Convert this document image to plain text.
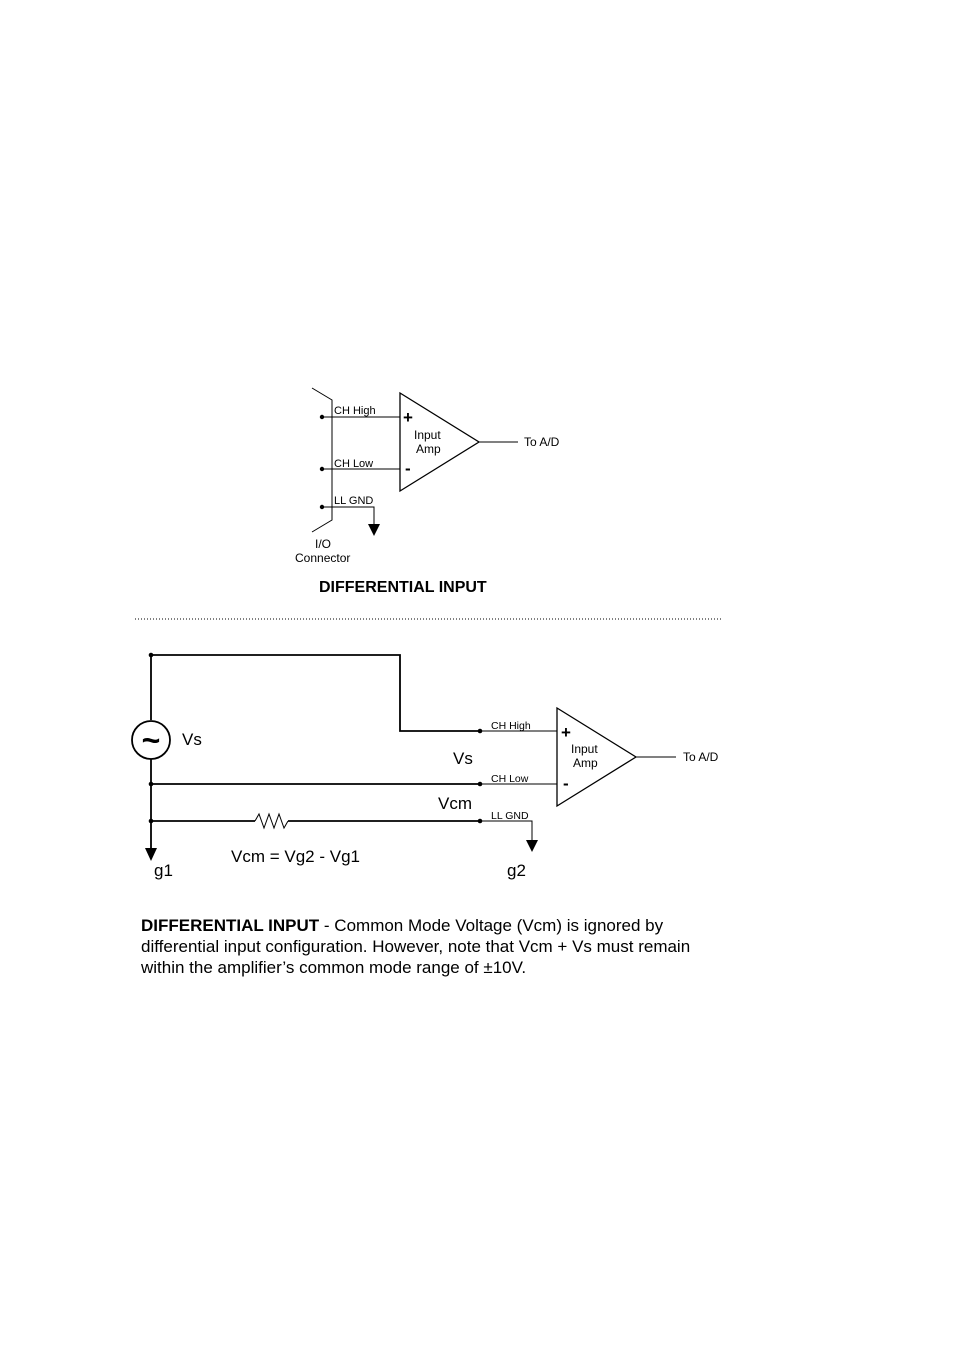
CH High
CH Low
LL GND
+
-
Input
Amp	To A/D
I/O
Connector
DIFFERENTIAL INPUT
~ Vs
Vs
Vcm
CH High
CH Low
LL GND
+
-
Input
Amp	To A/D
Vcm = Vg2 - Vg1
g1	g2
DIFFERENTIAL INPUT - Common Mode Voltage (Vcm) is ignored by differential input configuration. However, note that Vcm + Vs must remain within the amplifier’s common mode range of ±10V.
